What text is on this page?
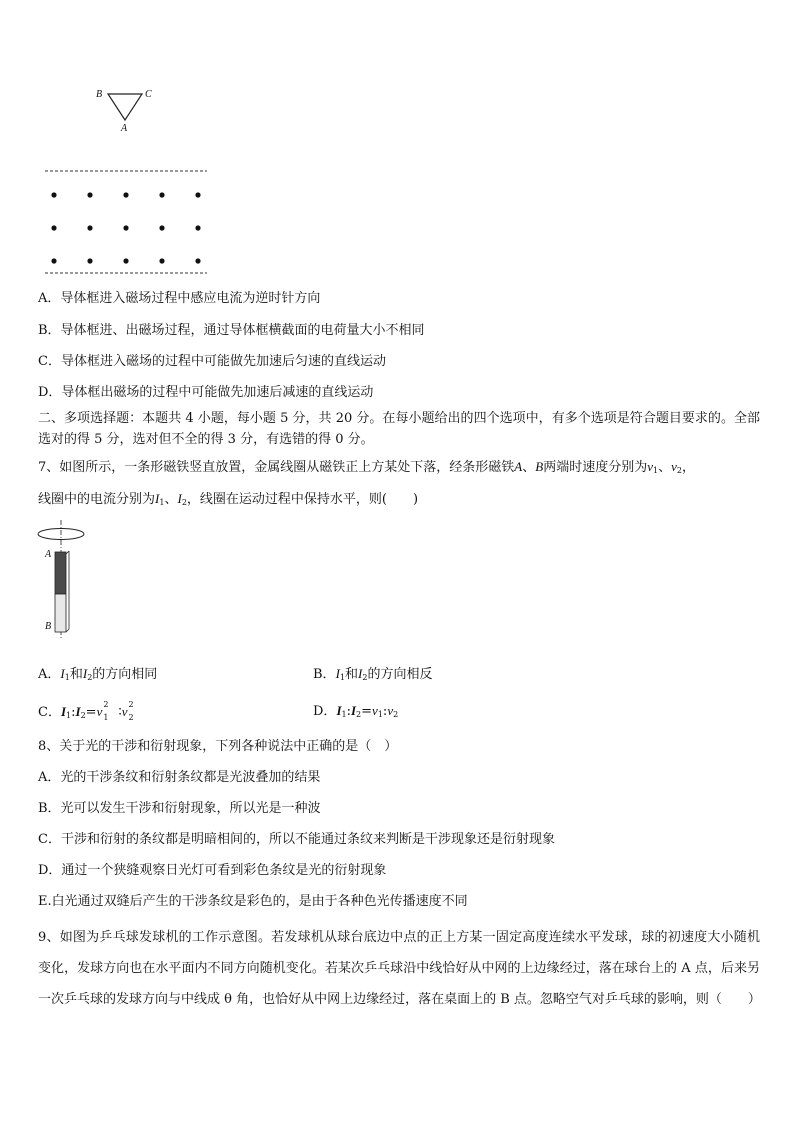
B	C
A
A．导体框进入磁场过程中感应电流为逆时针方向
B．导体框进、出磁场过程，通过导体框横截面的电荷量大小不相同
C．导体框进入磁场的过程中可能做先加速后匀速的直线运动
D．导体框出磁场的过程中可能做先加速后减速的直线运动
二、多项选择题：本题共 4 小题，每小题 5 分，共 20 分。在每小题给出的四个选项中，有多个选项是符合题目要求的。全部选对的得 5 分，选对但不全的得 3 分，有选错的得 0 分。
7、如图所示，一条形磁铁竖直放置，金属线圈从磁铁正上方某处下落，经条形磁铁A、B两端时速度分别为$v_1$、$v_2$，
线圈中的电流分别为$I_1$、$I_2$，线圈在运动过程中保持水平，则(　　)
A
B
A．$I_1$和$I_2$的方向相同	B．$I_1$和$I_2$的方向相反
C．$I_1:I_2=v$ 2
1 ∶v 2
2	D．$I_1:I_2=v_1:v_2$
8、关于光的干涉和衍射现象，下列各种说法中正确的是（　）
A．光的干涉条纹和衍射条纹都是光波叠加的结果
B．光可以发生干涉和衍射现象，所以光是一种波
C．干涉和衍射的条纹都是明暗相间的，所以不能通过条纹来判断是干涉现象还是衍射现象
D．通过一个狭缝观察日光灯可看到彩色条纹是光的衍射现象
E.白光通过双缝后产生的干涉条纹是彩色的，是由于各种色光传播速度不同
9、如图为乒乓球发球机的工作示意图。若发球机从球台底边中点的正上方某一固定高度连续水平发球，球的初速度大小随机变化，发球方向也在水平面内不同方向随机变化。若某次乒乓球沿中线恰好从中网的上边缘经过，落在球台上的 A 点，后来另一次乒乓球的发球方向与中线成 θ 角，也恰好从中网上边缘经过，落在桌面上的 B 点。忽略空气对乒乓球的影响，则（　　）
